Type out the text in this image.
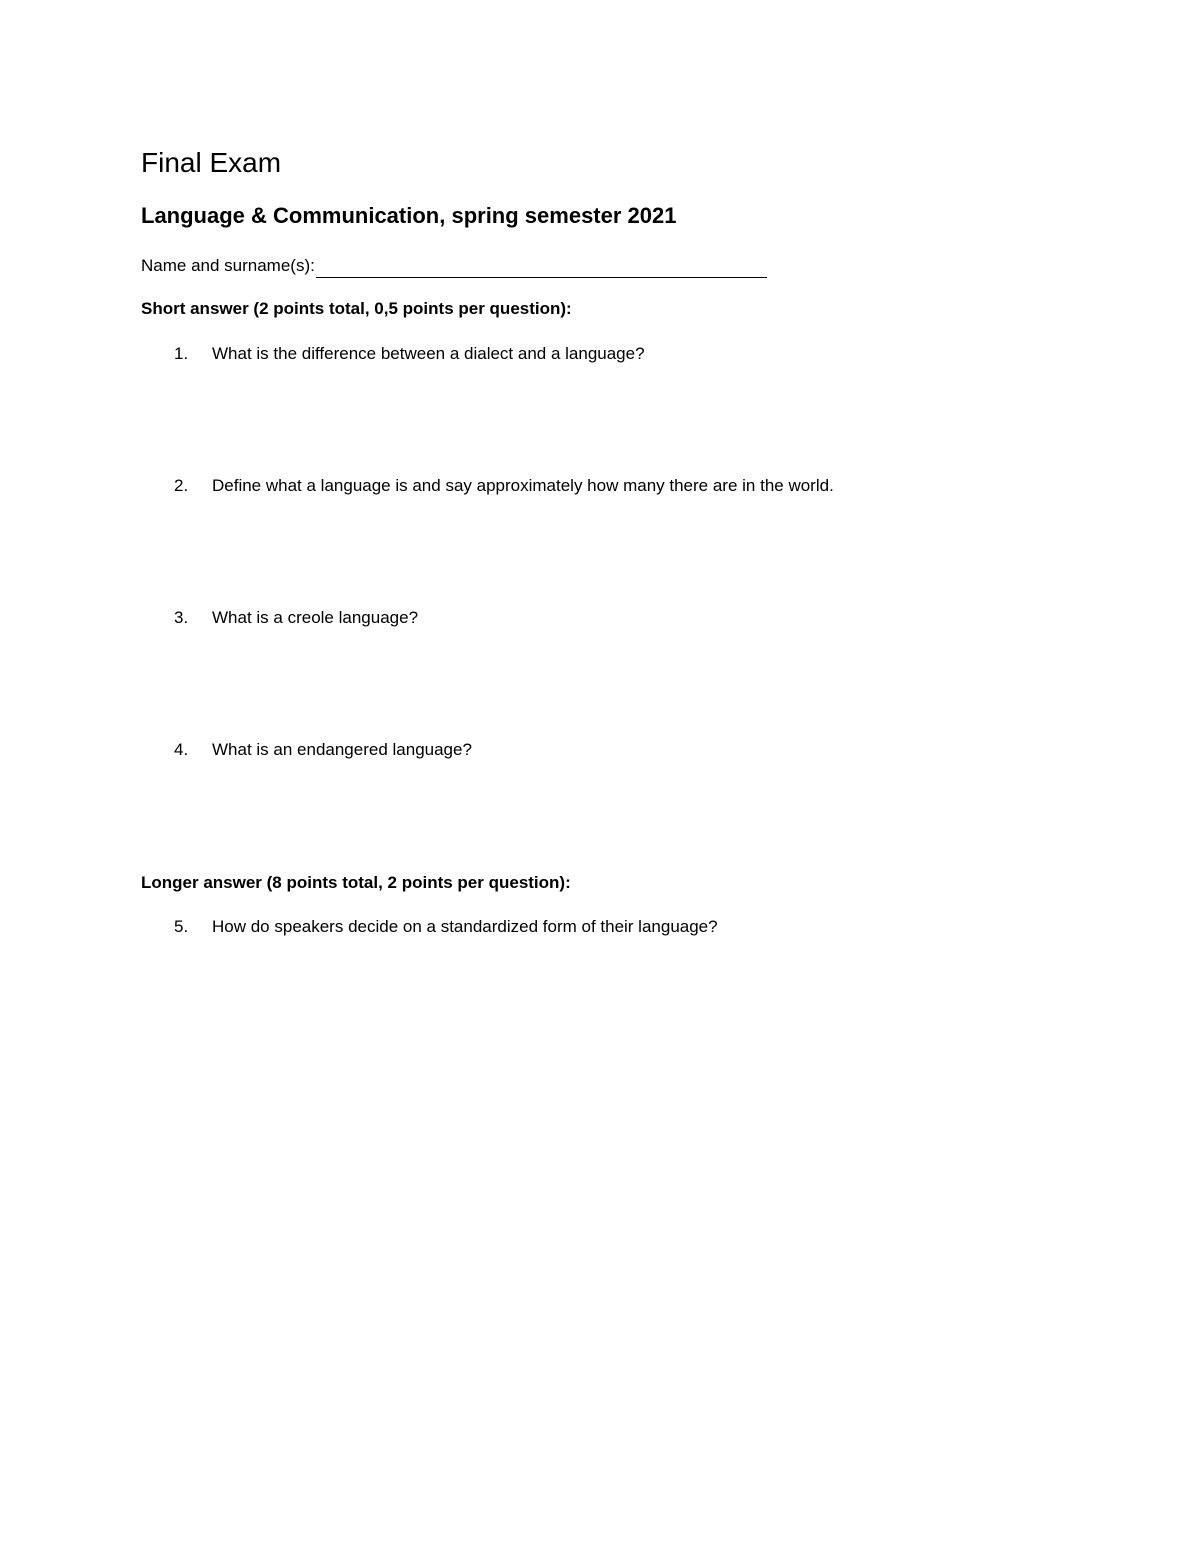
Final Exam
Language & Communication, spring semester 2021
Name and surname(s):
Short answer (2 points total, 0,5 points per question):
1. What is the difference between a dialect and a language?
2. Define what a language is and say approximately how many there are in the world.
3. What is a creole language?
4. What is an endangered language?
Longer answer (8 points total, 2 points per question):
5. How do speakers decide on a standardized form of their language?
